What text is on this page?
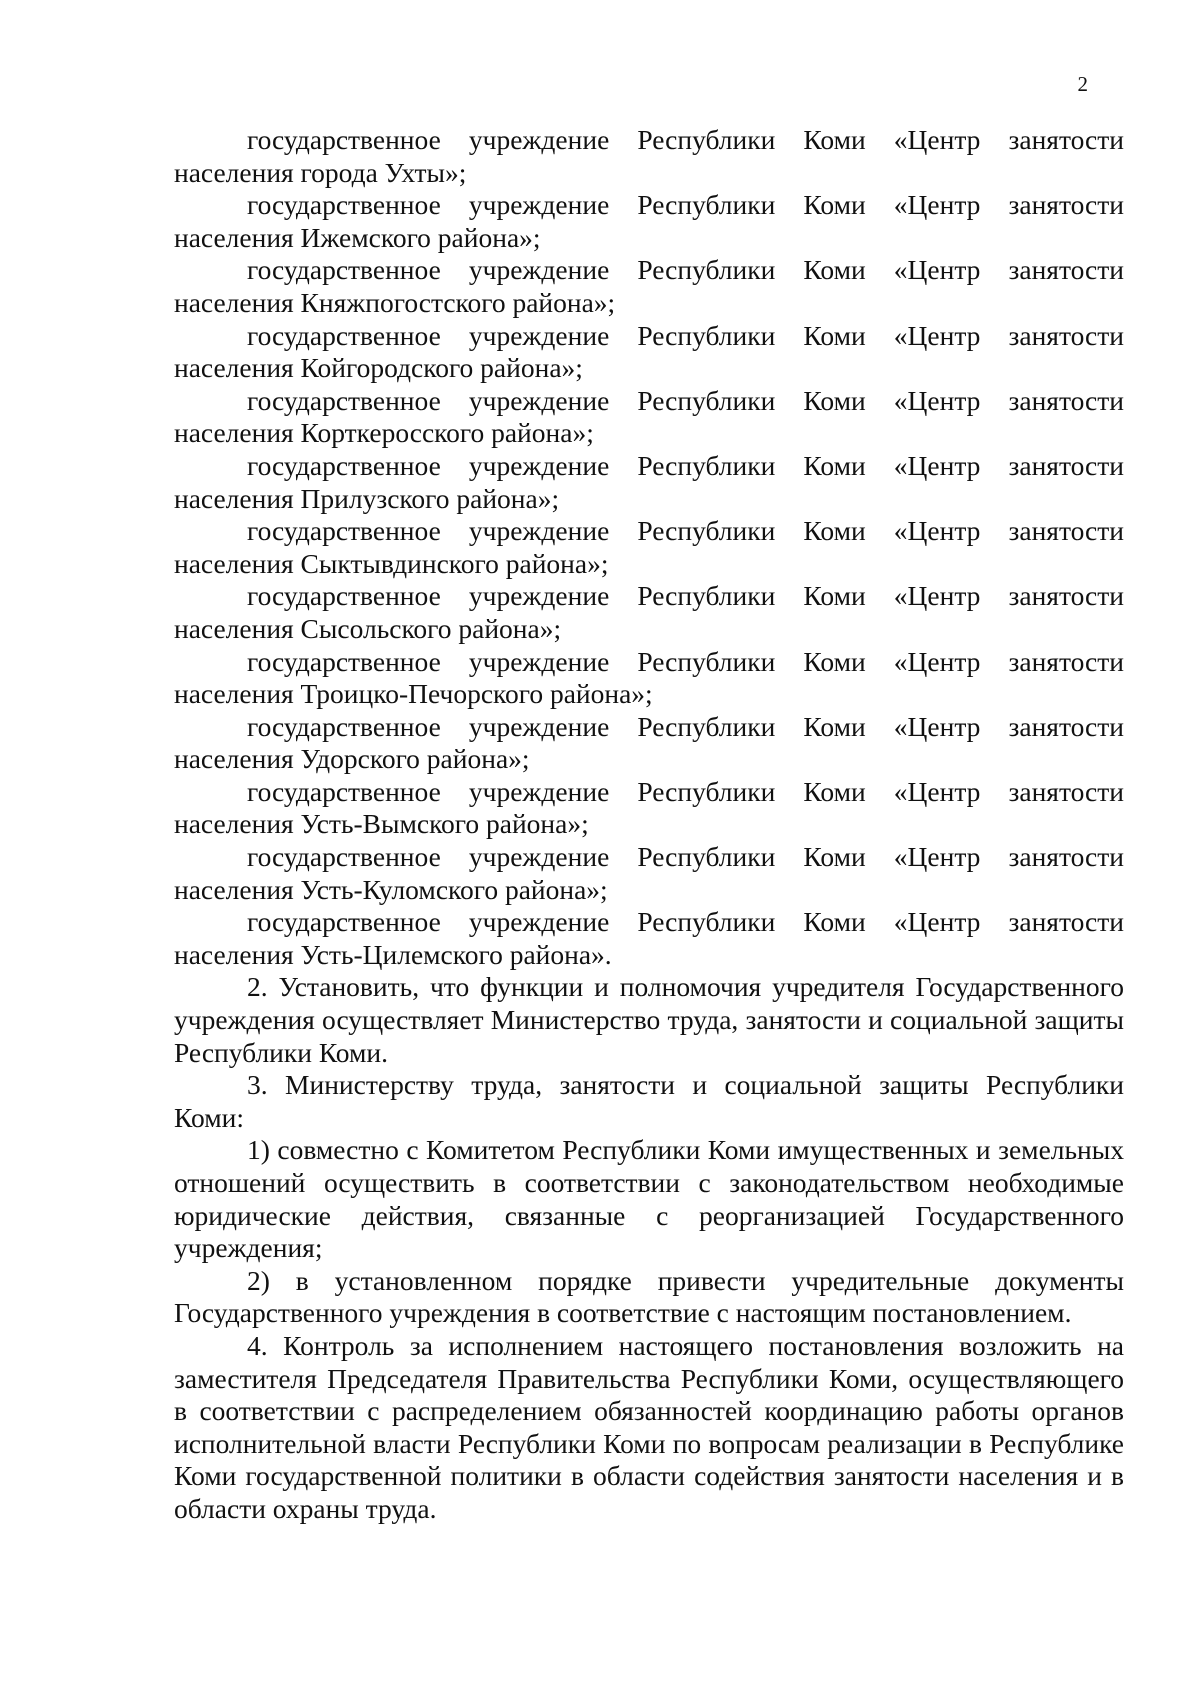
2

государственное учреждение Республики Коми «Центр занятости населения города Ухты»;

государственное учреждение Республики Коми «Центр занятости населения Ижемского района»;

государственное учреждение Республики Коми «Центр занятости населения Княжпогостского района»;

государственное учреждение Республики Коми «Центр занятости населения Койгородского района»;

государственное учреждение Республики Коми «Центр занятости населения Корткеросского района»;

государственное учреждение Республики Коми «Центр занятости населения Прилузского района»;

государственное учреждение Республики Коми «Центр занятости населения Сыктывдинского района»;

государственное учреждение Республики Коми «Центр занятости населения Сысольского района»;

государственное учреждение Республики Коми «Центр занятости населения Троицко-Печорского района»;

государственное учреждение Республики Коми «Центр занятости населения Удорского района»;

государственное учреждение Республики Коми «Центр занятости населения Усть-Вымского района»;

государственное учреждение Республики Коми «Центр занятости населения Усть-Куломского района»;

государственное учреждение Республики Коми «Центр занятости населения Усть-Цилемского района».

2. Установить, что функции и полномочия учредителя Государственного учреждения осуществляет Министерство труда, занятости и социальной защиты Республики Коми.

3. Министерству труда, занятости и социальной защиты Республики Коми:

1) совместно с Комитетом Республики Коми имущественных и земельных отношений осуществить в соответствии с законодательством необходимые юридические действия, связанные с реорганизацией Государственного учреждения;

2) в установленном порядке привести учредительные документы Государственного учреждения в соответствие с настоящим постановлением.

4. Контроль за исполнением настоящего постановления возложить на заместителя Председателя Правительства Республики Коми, осуществляющего в соответствии с распределением обязанностей координацию работы органов исполнительной власти Республики Коми по вопросам реализации в Республике Коми государственной политики в области содействия занятости населения и в области охраны труда.
